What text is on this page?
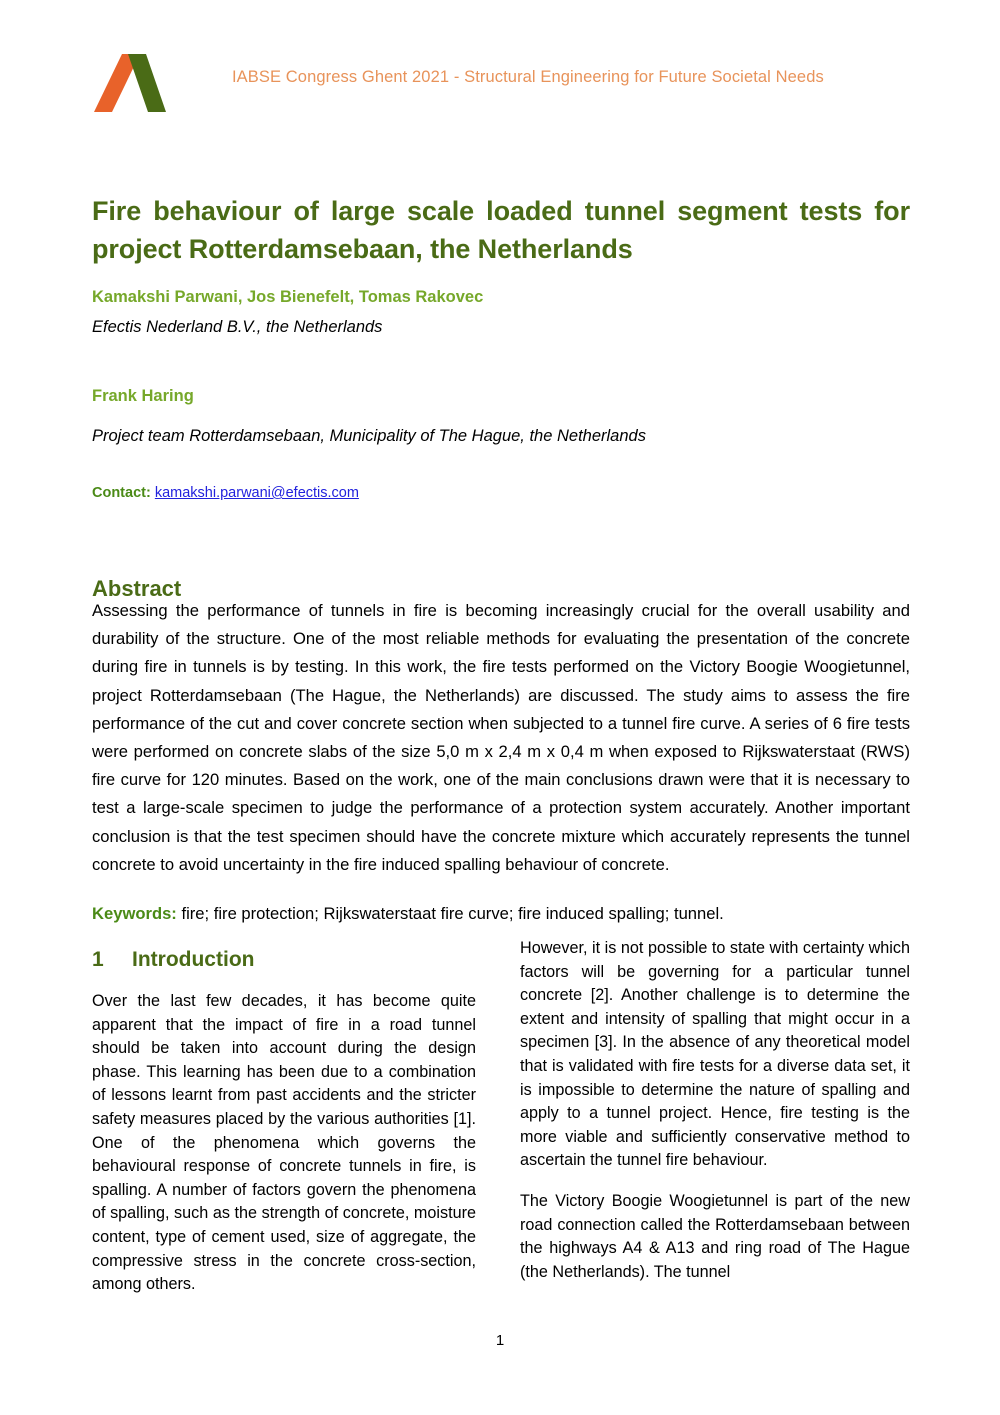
IABSE Congress Ghent 2021 - Structural Engineering for Future Societal Needs
Fire behaviour of large scale loaded tunnel segment tests for project Rotterdamsebaan, the Netherlands
Kamakshi Parwani, Jos Bienefelt, Tomas Rakovec
Efectis Nederland B.V., the Netherlands
Frank Haring
Project team Rotterdamsebaan, Municipality of The Hague, the Netherlands
Contact: kamakshi.parwani@efectis.com
Abstract
Assessing the performance of tunnels in fire is becoming increasingly crucial for the overall usability and durability of the structure. One of the most reliable methods for evaluating the presentation of the concrete during fire in tunnels is by testing. In this work, the fire tests performed on the Victory Boogie Woogietunnel, project Rotterdamsebaan (The Hague, the Netherlands) are discussed. The study aims to assess the fire performance of the cut and cover concrete section when subjected to a tunnel fire curve. A series of 6 fire tests were performed on concrete slabs of the size 5,0 m x 2,4 m x 0,4 m when exposed to Rijkswaterstaat (RWS) fire curve for 120 minutes. Based on the work, one of the main conclusions drawn were that it is necessary to test a large-scale specimen to judge the performance of a protection system accurately. Another important conclusion is that the test specimen should have the concrete mixture which accurately represents the tunnel concrete to avoid uncertainty in the fire induced spalling behaviour of concrete.
Keywords: fire; fire protection; Rijkswaterstaat fire curve; fire induced spalling; tunnel.
1	Introduction

Over the last few decades, it has become quite apparent that the impact of fire in a road tunnel should be taken into account during the design phase. This learning has been due to a combination of lessons learnt from past accidents and the stricter safety measures placed by the various authorities [1]. One of the phenomena which governs the behavioural response of concrete tunnels in fire, is spalling. A number of factors govern the phenomena of spalling, such as the strength of concrete, moisture content, type of cement used, size of aggregate, the compressive stress in the concrete cross-section, among others.

However, it is not possible to state with certainty which factors will be governing for a particular tunnel concrete [2]. Another challenge is to determine the extent and intensity of spalling that might occur in a specimen [3]. In the absence of any theoretical model that is validated with fire tests for a diverse data set, it is impossible to determine the nature of spalling and apply to a tunnel project. Hence, fire testing is the more viable and sufficiently conservative method to ascertain the tunnel fire behaviour.

The Victory Boogie Woogietunnel is part of the new road connection called the Rotterdamsebaan between the highways A4 & A13 and ring road of The Hague (the Netherlands). The tunnel

1
